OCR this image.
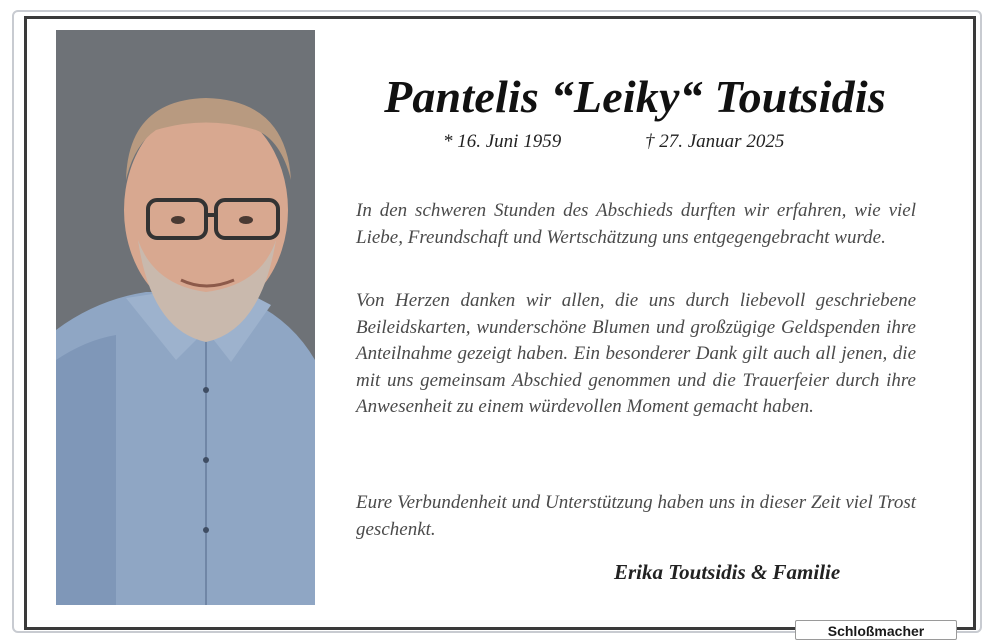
Pantelis “Leiky“ Toutsidis
* 16. Juni 1959	† 27. Januar 2025
In den schweren Stunden des Abschieds durften wir erfahren, wie viel Liebe, Freundschaft und Wertschätzung uns entgegengebracht wurde.
Von Herzen danken wir allen, die uns durch liebevoll geschriebene Beileidskarten, wunderschöne Blumen und großzügige Geldspenden ihre Anteilnahme gezeigt haben. Ein besonderer Dank gilt auch all jenen, die mit uns gemeinsam Abschied genommen und die Trauerfeier durch ihre Anwesenheit zu einem würdevollen Moment gemacht haben.
Eure Verbundenheit und Unterstützung haben uns in dieser Zeit viel Trost geschenkt.
Erika Toutsidis & Familie
Schloßmacher
